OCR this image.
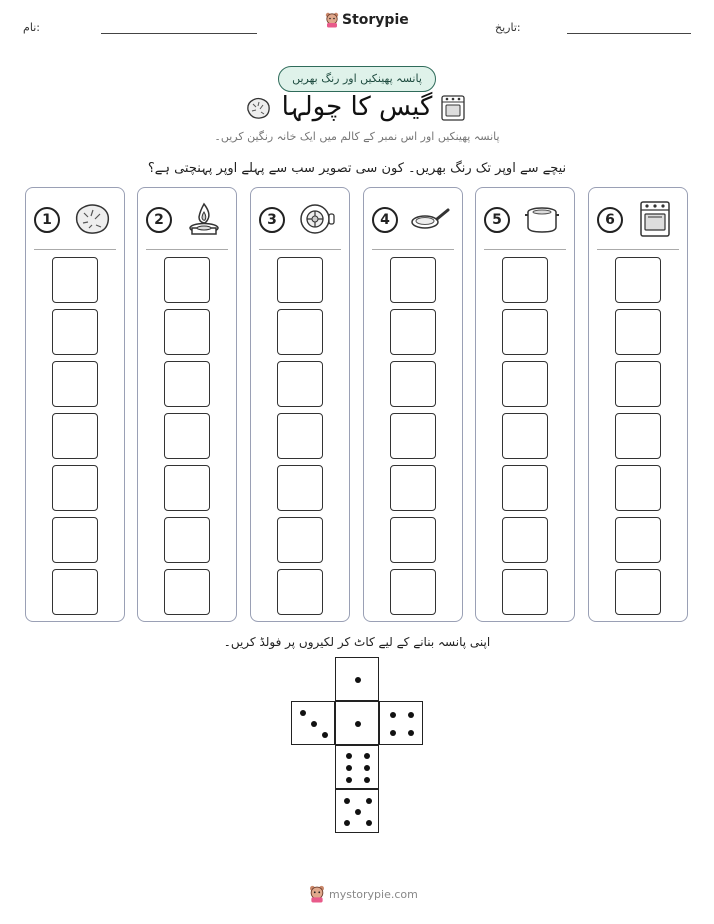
نام:	تاریخ:
Storypie
پانسہ پھینکیں اور رنگ بھریں
گیس کا چولہا
پانسہ پھینکیں اور اس نمبر کے کالم میں ایک خانہ رنگین کریں۔
نیچے سے اوپر تک رنگ بھریں۔ کون سی تصویر سب سے پہلے اوپر پہنچتی ہے؟
1	2	3	4	5	6
اپنی پانسہ بنانے کے لیے کاٹ کر لکیروں پر فولڈ کریں۔
mystorypie.com
